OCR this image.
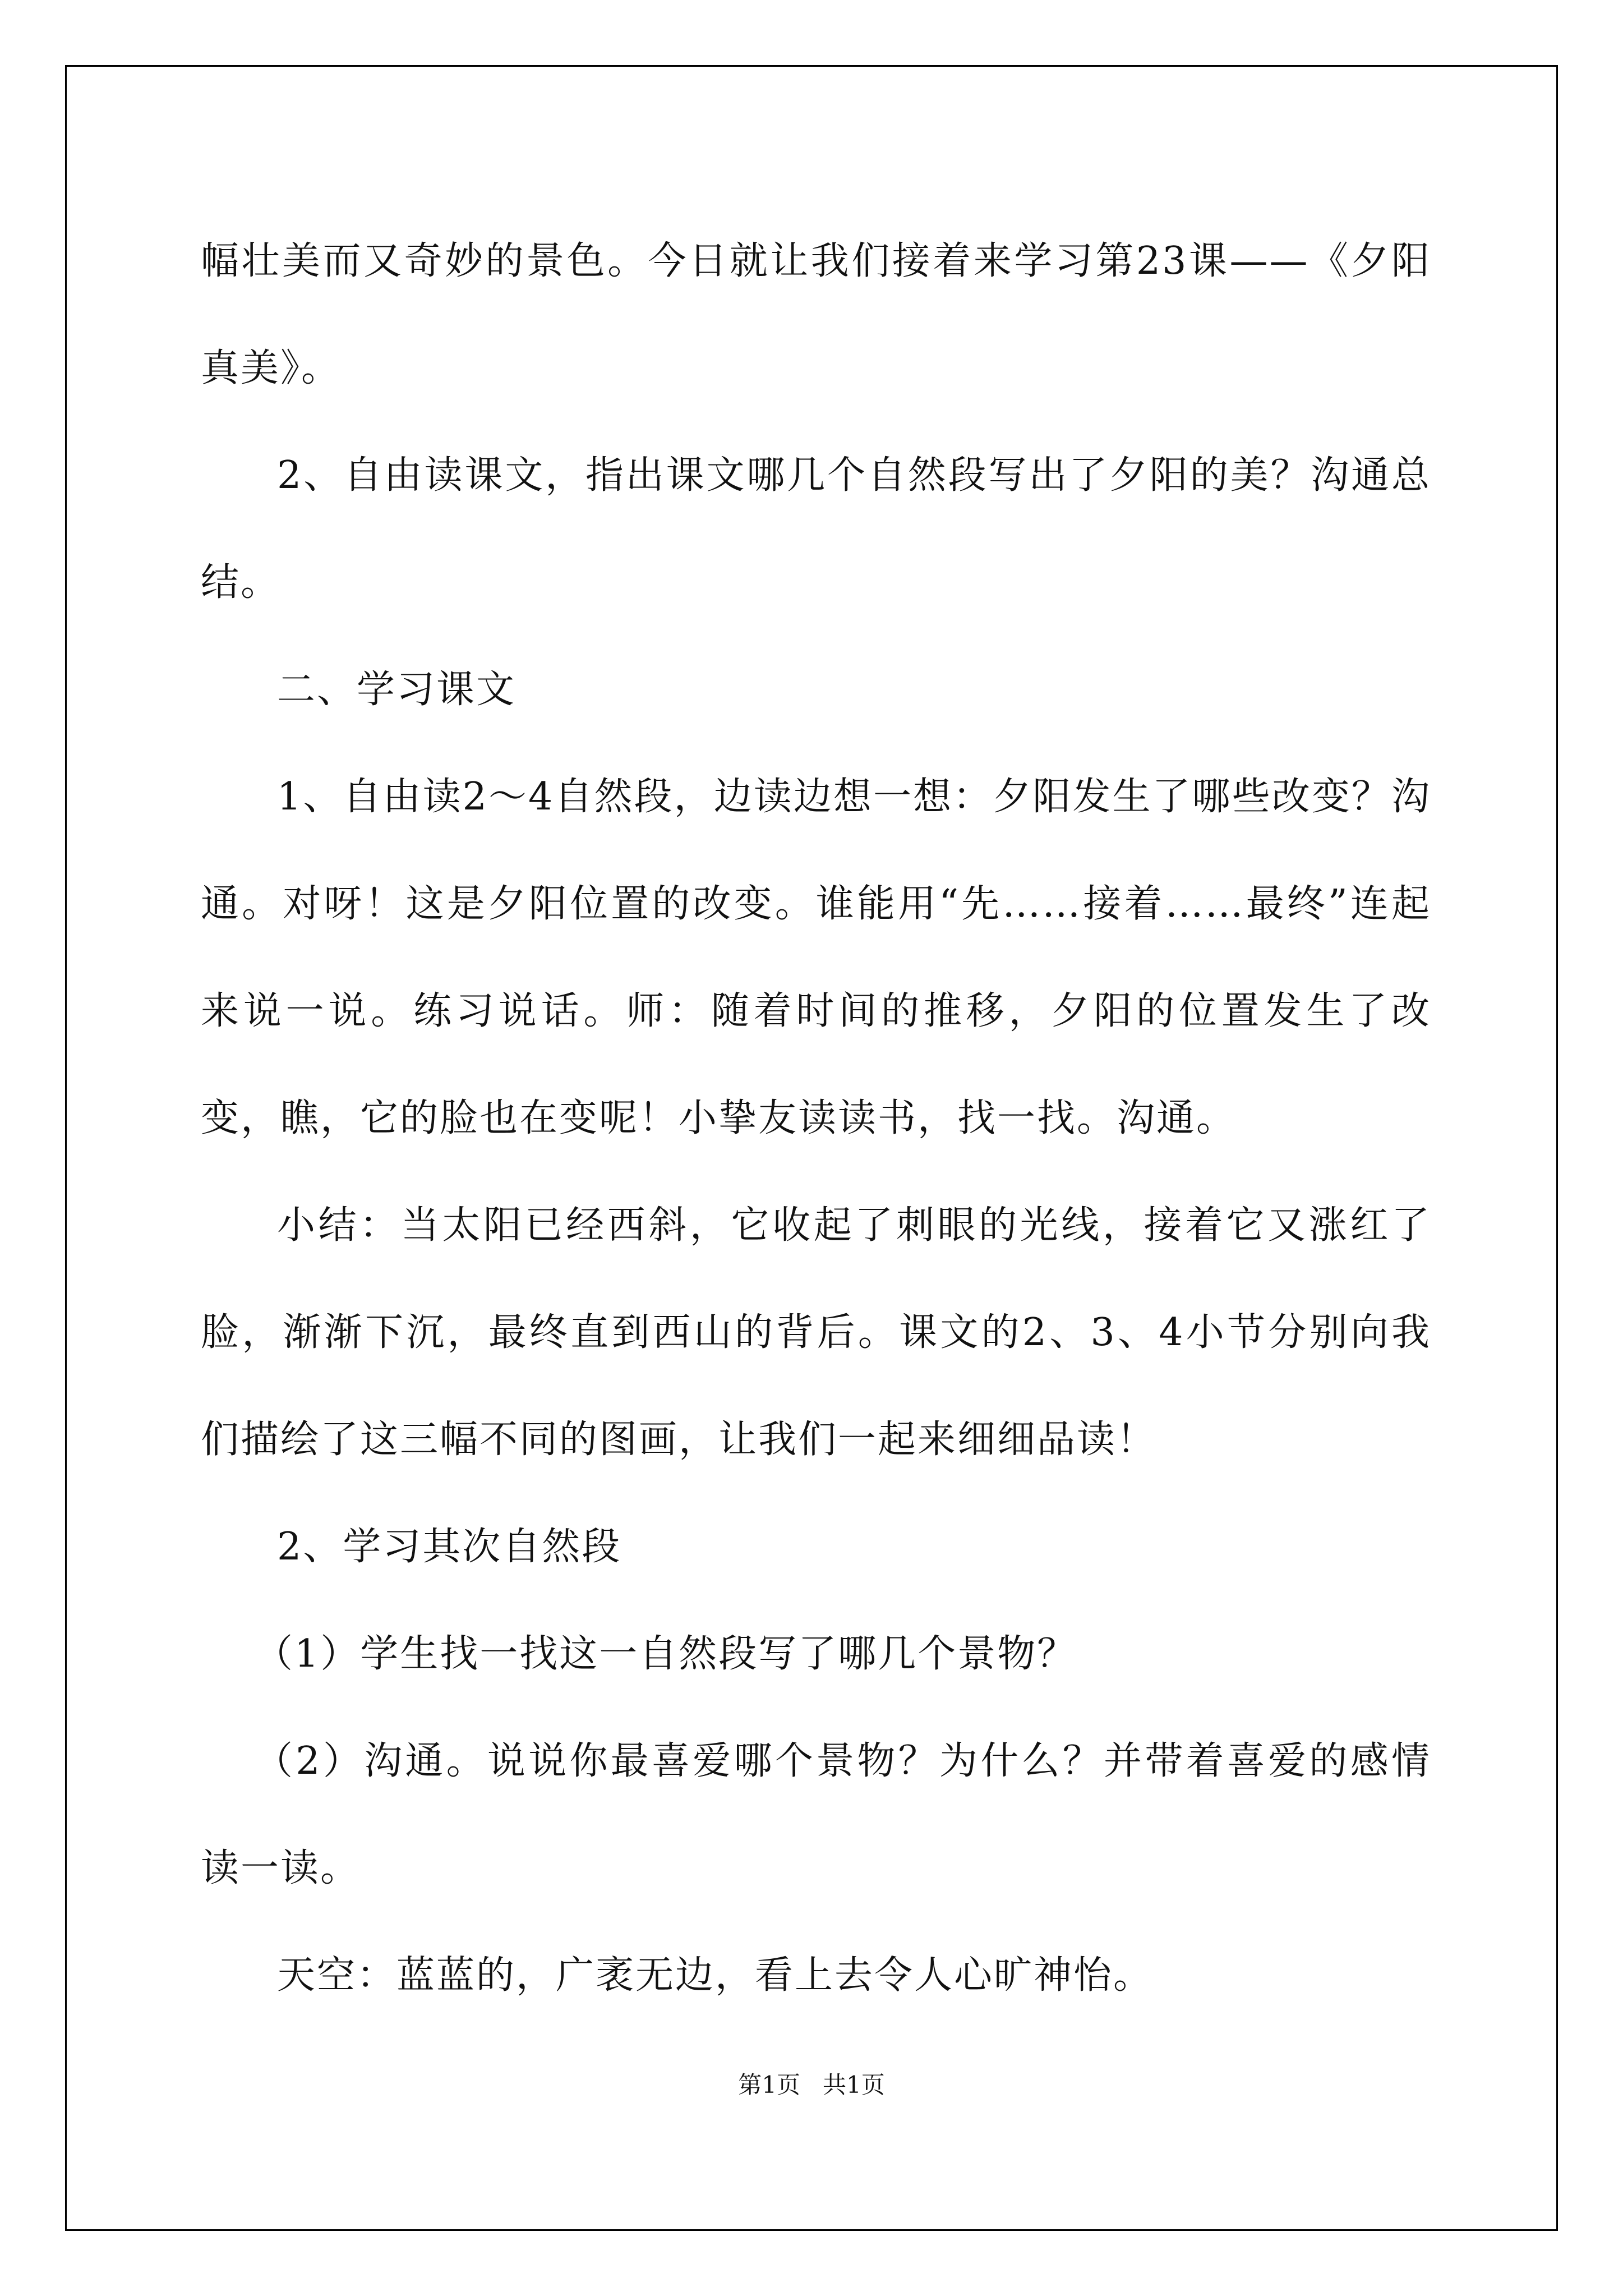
幅壮美而又奇妙的景色。今日就让我们接着来学习第23课——《夕阳真美》。

2、自由读课文，指出课文哪几个自然段写出了夕阳的美？沟通总结。

二、学习课文

1、自由读2～4自然段，边读边想一想：夕阳发生了哪些改变？沟通。对呀！这是夕阳位置的改变。谁能用“先……接着……最终”连起来说一说。练习说话。师：随着时间的推移，夕阳的位置发生了改变，瞧，它的脸也在变呢！小挚友读读书，找一找。沟通。

小结：当太阳已经西斜，它收起了刺眼的光线，接着它又涨红了脸，渐渐下沉，最终直到西山的背后。课文的2、3、4小节分别向我们描绘了这三幅不同的图画，让我们一起来细细品读！

2、学习其次自然段

（1）学生找一找这一自然段写了哪几个景物？

（2）沟通。说说你最喜爱哪个景物？为什么？并带着喜爱的感情读一读。

天空：蓝蓝的，广袤无边，看上去令人心旷神怡。

第1页   共1页
